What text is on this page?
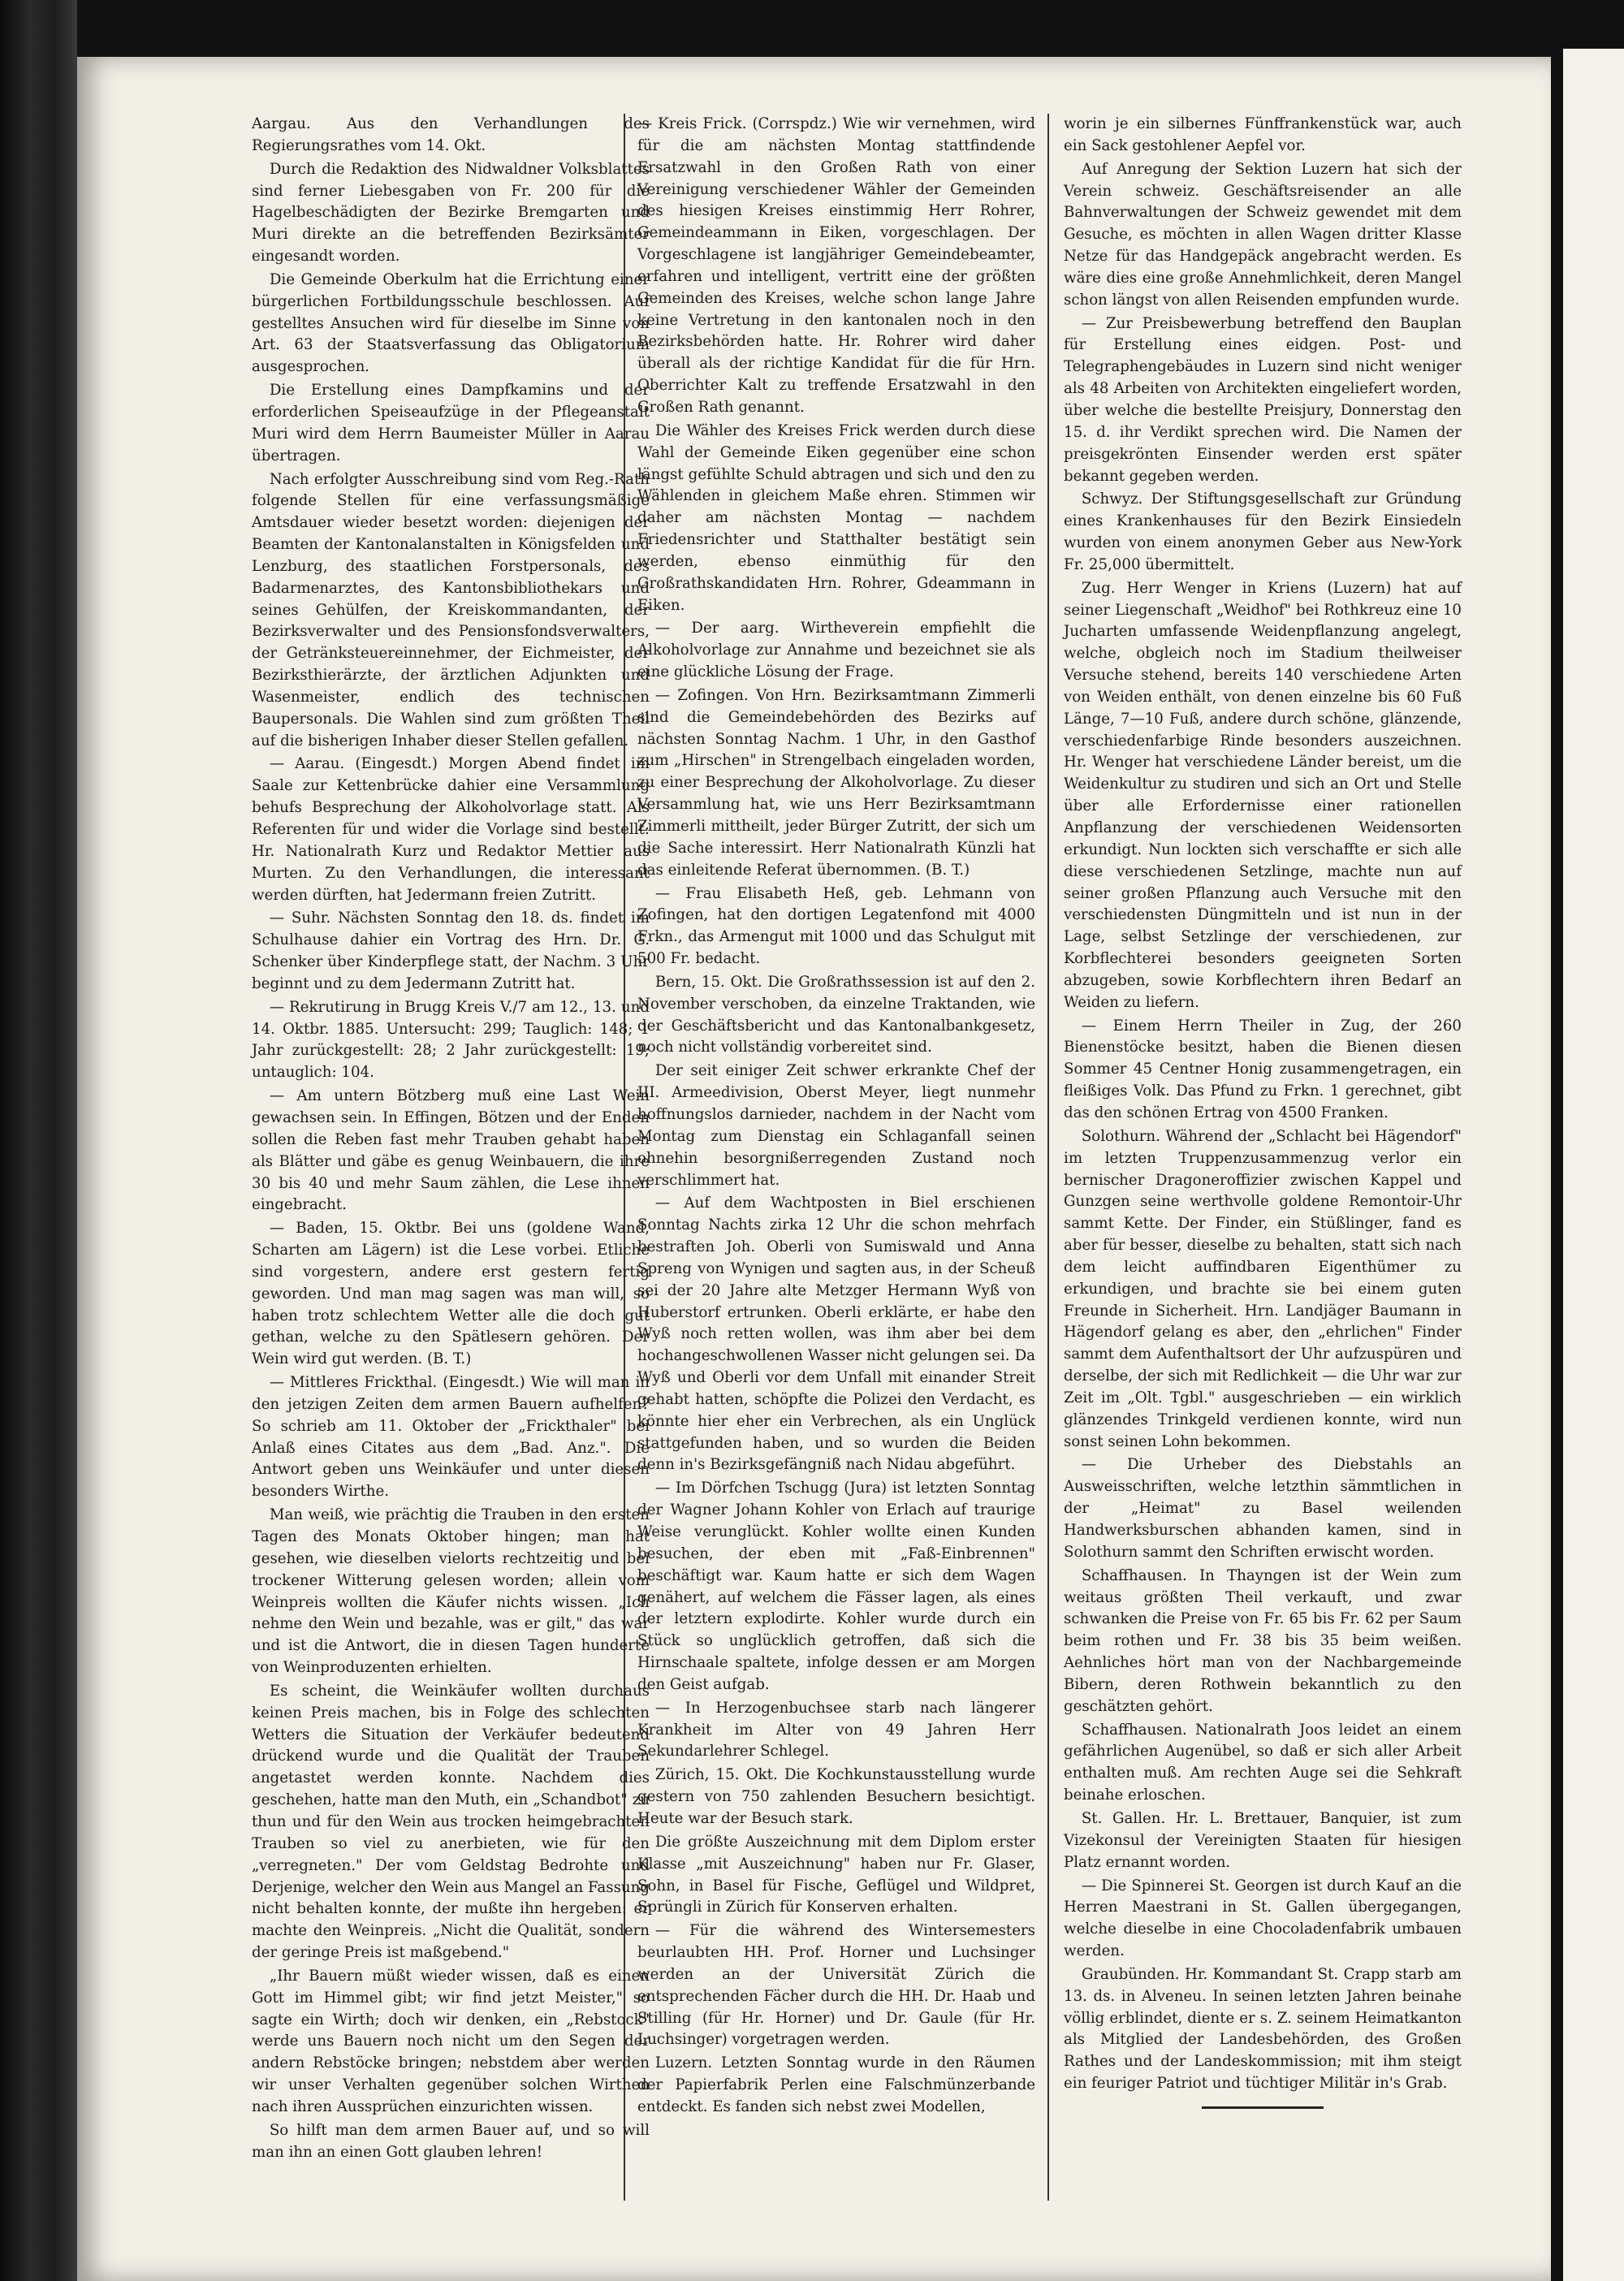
Aargau. Aus den Verhandlungen des Regierungsrathes vom 14. Okt.

Durch die Redaktion des Nidwaldner Volksblattes sind ferner Liebesgaben von Fr. 200 für die Hagelbeschädigten der Bezirke Bremgarten und Muri direkte an die betreffenden Bezirksämter eingesandt worden.

Die Gemeinde Oberkulm hat die Errichtung einer bürgerlichen Fortbildungsschule beschlossen. Auf gestelltes Ansuchen wird für dieselbe im Sinne von Art. 63 der Staatsverfassung das Obligatorium ausgesprochen.

Die Erstellung eines Dampfkamins und der erforderlichen Speiseaufzüge in der Pflegeanstalt Muri wird dem Herrn Baumeister Müller in Aarau übertragen.

Nach erfolgter Ausschreibung sind vom Reg.-Rath folgende Stellen für eine verfassungsmäßige Amtsdauer wieder besetzt worden: diejenigen der Beamten der Kantonalanstalten in Königsfelden und Lenzburg, des staatlichen Forstpersonals, des Badarmenarztes, des Kantonsbibliothekars und seines Gehülfen, der Kreiskommandanten, der Bezirksverwalter und des Pensionsfondsverwalters, der Getränksteuereinnehmer, der Eichmeister, der Bezirksthierärzte, der ärztlichen Adjunkten und Wasenmeister, endlich des technischen Baupersonals. Die Wahlen sind zum größten Theil auf die bisherigen Inhaber dieser Stellen gefallen.

— Aarau. (Eingesdt.) Morgen Abend findet im Saale zur Kettenbrücke dahier eine Versammlung behufs Besprechung der Alkoholvorlage statt. Als Referenten für und wider die Vorlage sind bestellt: Hr. Nationalrath Kurz und Redaktor Mettier aus Murten. Zu den Verhandlungen, die interessant werden dürften, hat Jedermann freien Zutritt.

— Suhr. Nächsten Sonntag den 18. ds. findet im Schulhause dahier ein Vortrag des Hrn. Dr. G. Schenker über Kinderpflege statt, der Nachm. 3 Uhr beginnt und zu dem Jedermann Zutritt hat.

— Rekrutirung in Brugg Kreis V./7 am 12., 13. und 14. Oktbr. 1885. Untersucht: 299; Tauglich: 148; 1 Jahr zurückgestellt: 28; 2 Jahr zurückgestellt: 19; untauglich: 104.

— Am untern Bötzberg muß eine Last Wein gewachsen sein. In Effingen, Bötzen und der Enden sollen die Reben fast mehr Trauben gehabt haben als Blätter und gäbe es genug Weinbauern, die ihre 30 bis 40 und mehr Saum zählen, die Lese ihnen eingebracht.

— Baden, 15. Oktbr. Bei uns (goldene Wand, Scharten am Lägern) ist die Lese vorbei. Etliche sind vorgestern, andere erst gestern fertig geworden. Und man mag sagen was man will, so haben trotz schlechtem Wetter alle die doch gut gethan, welche zu den Spätlesern gehören. Der Wein wird gut werden. (B. T.)

— Mittleres Frickthal. (Eingesdt.) Wie will man in den jetzigen Zeiten dem armen Bauern aufhelfen? So schrieb am 11. Oktober der „Frickthaler" bei Anlaß eines Citates aus dem „Bad. Anz.". Die Antwort geben uns Weinkäufer und unter diesen besonders Wirthe.

Man weiß, wie prächtig die Trauben in den ersten Tagen des Monats Oktober hingen; man hat gesehen, wie dieselben vielorts rechtzeitig und bei trockener Witterung gelesen worden; allein vom Weinpreis wollten die Käufer nichts wissen. „Ich nehme den Wein und bezahle, was er gilt," das war und ist die Antwort, die in diesen Tagen hunderte von Weinproduzenten erhielten.

Es scheint, die Weinkäufer wollten durchaus keinen Preis machen, bis in Folge des schlechten Wetters die Situation der Verkäufer bedeutend drückend wurde und die Qualität der Trauben angetastet werden konnte. Nachdem dies geschehen, hatte man den Muth, ein „Schandbot" zu thun und für den Wein aus trocken heimgebrachten Trauben so viel zu anerbieten, wie für den „verregneten." Der vom Geldstag Bedrohte und Derjenige, welcher den Wein aus Mangel an Fassung nicht behalten konnte, der mußte ihn hergeben: er machte den Weinpreis. „Nicht die Qualität, sondern der geringe Preis ist maßgebend."

„Ihr Bauern müßt wieder wissen, daß es einen Gott im Himmel gibt; wir find jetzt Meister," so sagte ein Wirth; doch wir denken, ein „Rebstock" werde uns Bauern noch nicht um den Segen der andern Rebstöcke bringen; nebstdem aber werden wir unser Verhalten gegenüber solchen Wirthen nach ihren Aussprüchen einzurichten wissen.

So hilft man dem armen Bauer auf, und so will man ihn an einen Gott glauben lehren!

— Kreis Frick. (Corrspdz.) Wie wir vernehmen, wird für die am nächsten Montag stattfindende Ersatzwahl in den Großen Rath von einer Vereinigung verschiedener Wähler der Gemeinden des hiesigen Kreises einstimmig Herr Rohrer, Gemeindeammann in Eiken, vorgeschlagen. Der Vorgeschlagene ist langjähriger Gemeindebeamter, erfahren und intelligent, vertritt eine der größten Gemeinden des Kreises, welche schon lange Jahre keine Vertretung in den kantonalen noch in den Bezirksbehörden hatte. Hr. Rohrer wird daher überall als der richtige Kandidat für die für Hrn. Oberrichter Kalt zu treffende Ersatzwahl in den Großen Rath genannt.

Die Wähler des Kreises Frick werden durch diese Wahl der Gemeinde Eiken gegenüber eine schon längst gefühlte Schuld abtragen und sich und den zu Wählenden in gleichem Maße ehren. Stimmen wir daher am nächsten Montag — nachdem Friedensrichter und Statthalter bestätigt sein werden, ebenso einmüthig für den Großrathskandidaten Hrn. Rohrer, Gdeammann in Eiken.

— Der aarg. Wirtheverein empfiehlt die Alkoholvorlage zur Annahme und bezeichnet sie als eine glückliche Lösung der Frage.

— Zofingen. Von Hrn. Bezirksamtmann Zimmerli sind die Gemeindebehörden des Bezirks auf nächsten Sonntag Nachm. 1 Uhr, in den Gasthof zum „Hirschen" in Strengelbach eingeladen worden, zu einer Besprechung der Alkoholvorlage. Zu dieser Versammlung hat, wie uns Herr Bezirksamtmann Zimmerli mittheilt, jeder Bürger Zutritt, der sich um die Sache interessirt. Herr Nationalrath Künzli hat das einleitende Referat übernommen. (B. T.)

— Frau Elisabeth Heß, geb. Lehmann von Zofingen, hat den dortigen Legatenfond mit 4000 Frkn., das Armengut mit 1000 und das Schulgut mit 500 Fr. bedacht.

Bern, 15. Okt. Die Großrathssession ist auf den 2. November verschoben, da einzelne Traktanden, wie der Geschäftsbericht und das Kantonalbankgesetz, noch nicht vollständig vorbereitet sind.

Der seit einiger Zeit schwer erkrankte Chef der III. Armeedivision, Oberst Meyer, liegt nunmehr hoffnungslos darnieder, nachdem in der Nacht vom Montag zum Dienstag ein Schlaganfall seinen ohnehin besorgnißerregenden Zustand noch verschlimmert hat.

— Auf dem Wachtposten in Biel erschienen Sonntag Nachts zirka 12 Uhr die schon mehrfach bestraften Joh. Oberli von Sumiswald und Anna Spreng von Wynigen und sagten aus, in der Scheuß sei der 20 Jahre alte Metzger Hermann Wyß von Huberstorf ertrunken. Oberli erklärte, er habe den Wyß noch retten wollen, was ihm aber bei dem hochangeschwollenen Wasser nicht gelungen sei. Da Wyß und Oberli vor dem Unfall mit einander Streit gehabt hatten, schöpfte die Polizei den Verdacht, es könnte hier eher ein Verbrechen, als ein Unglück stattgefunden haben, und so wurden die Beiden denn in's Bezirksgefängniß nach Nidau abgeführt.

— Im Dörfchen Tschugg (Jura) ist letzten Sonntag der Wagner Johann Kohler von Erlach auf traurige Weise verunglückt. Kohler wollte einen Kunden besuchen, der eben mit „Faß-Einbrennen" beschäftigt war. Kaum hatte er sich dem Wagen genähert, auf welchem die Fässer lagen, als eines der letztern explodirte. Kohler wurde durch ein Stück so unglücklich getroffen, daß sich die Hirnschaale spaltete, infolge dessen er am Morgen den Geist aufgab.

— In Herzogenbuchsee starb nach längerer Krankheit im Alter von 49 Jahren Herr Sekundarlehrer Schlegel.

Zürich, 15. Okt. Die Kochkunstausstellung wurde gestern von 750 zahlenden Besuchern besichtigt. Heute war der Besuch stark.

Die größte Auszeichnung mit dem Diplom erster Klasse „mit Auszeichnung" haben nur Fr. Glaser, Sohn, in Basel für Fische, Geflügel und Wildpret, Sprüngli in Zürich für Konserven erhalten.

— Für die während des Wintersemesters beurlaubten HH. Prof. Horner und Luchsinger werden an der Universität Zürich die entsprechenden Fächer durch die HH. Dr. Haab und Stilling (für Hr. Horner) und Dr. Gaule (für Hr. Luchsinger) vorgetragen werden.

Luzern. Letzten Sonntag wurde in den Räumen der Papierfabrik Perlen eine Falschmünzerbande entdeckt. Es fanden sich nebst zwei Modellen,

worin je ein silbernes Fünffrankenstück war, auch ein Sack gestohlener Aepfel vor.

Auf Anregung der Sektion Luzern hat sich der Verein schweiz. Geschäftsreisender an alle Bahnverwaltungen der Schweiz gewendet mit dem Gesuche, es möchten in allen Wagen dritter Klasse Netze für das Handgepäck angebracht werden. Es wäre dies eine große Annehmlichkeit, deren Mangel schon längst von allen Reisenden empfunden wurde.

— Zur Preisbewerbung betreffend den Bauplan für Erstellung eines eidgen. Post- und Telegraphengebäudes in Luzern sind nicht weniger als 48 Arbeiten von Architekten eingeliefert worden, über welche die bestellte Preisjury, Donnerstag den 15. d. ihr Verdikt sprechen wird. Die Namen der preisgekrönten Einsender werden erst später bekannt gegeben werden.

Schwyz. Der Stiftungsgesellschaft zur Gründung eines Krankenhauses für den Bezirk Einsiedeln wurden von einem anonymen Geber aus New-York Fr. 25,000 übermittelt.

Zug. Herr Wenger in Kriens (Luzern) hat auf seiner Liegenschaft „Weidhof" bei Rothkreuz eine 10 Jucharten umfassende Weidenpflanzung angelegt, welche, obgleich noch im Stadium theilweiser Versuche stehend, bereits 140 verschiedene Arten von Weiden enthält, von denen einzelne bis 60 Fuß Länge, 7—10 Fuß, andere durch schöne, glänzende, verschiedenfarbige Rinde besonders auszeichnen. Hr. Wenger hat verschiedene Länder bereist, um die Weidenkultur zu studiren und sich an Ort und Stelle über alle Erfordernisse einer rationellen Anpflanzung der verschiedenen Weidensorten erkundigt. Nun lockten sich verschaffte er sich alle diese verschiedenen Setzlinge, machte nun auf seiner großen Pflanzung auch Versuche mit den verschiedensten Düngmitteln und ist nun in der Lage, selbst Setzlinge der verschiedenen, zur Korbflechterei besonders geeigneten Sorten abzugeben, sowie Korbflechtern ihren Bedarf an Weiden zu liefern.

— Einem Herrn Theiler in Zug, der 260 Bienenstöcke besitzt, haben die Bienen diesen Sommer 45 Centner Honig zusammengetragen, ein fleißiges Volk. Das Pfund zu Frkn. 1 gerechnet, gibt das den schönen Ertrag von 4500 Franken.

Solothurn. Während der „Schlacht bei Hägendorf" im letzten Truppenzusammenzug verlor ein bernischer Dragoneroffizier zwischen Kappel und Gunzgen seine werthvolle goldene Remontoir-Uhr sammt Kette. Der Finder, ein Stüßlinger, fand es aber für besser, dieselbe zu behalten, statt sich nach dem leicht auffindbaren Eigenthümer zu erkundigen, und brachte sie bei einem guten Freunde in Sicherheit. Hrn. Landjäger Baumann in Hägendorf gelang es aber, den „ehrlichen" Finder sammt dem Aufenthaltsort der Uhr aufzuspüren und derselbe, der sich mit Redlichkeit — die Uhr war zur Zeit im „Olt. Tgbl." ausgeschrieben — ein wirklich glänzendes Trinkgeld verdienen konnte, wird nun sonst seinen Lohn bekommen.

— Die Urheber des Diebstahls an Ausweisschriften, welche letzthin sämmtlichen in der „Heimat" zu Basel weilenden Handwerksburschen abhanden kamen, sind in Solothurn sammt den Schriften erwischt worden.

Schaffhausen. In Thayngen ist der Wein zum weitaus größten Theil verkauft, und zwar schwanken die Preise von Fr. 65 bis Fr. 62 per Saum beim rothen und Fr. 38 bis 35 beim weißen. Aehnliches hört man von der Nachbargemeinde Bibern, deren Rothwein bekanntlich zu den geschätzten gehört.

Schaffhausen. Nationalrath Joos leidet an einem gefährlichen Augenübel, so daß er sich aller Arbeit enthalten muß. Am rechten Auge sei die Sehkraft beinahe erloschen.

St. Gallen. Hr. L. Brettauer, Banquier, ist zum Vizekonsul der Vereinigten Staaten für hiesigen Platz ernannt worden.

— Die Spinnerei St. Georgen ist durch Kauf an die Herren Maestrani in St. Gallen übergegangen, welche dieselbe in eine Chocoladenfabrik umbauen werden.

Graubünden. Hr. Kommandant St. Crapp starb am 13. ds. in Alveneu. In seinen letzten Jahren beinahe völlig erblindet, diente er s. Z. seinem Heimatkanton als Mitglied der Landesbehörden, des Großen Rathes und der Landeskommission; mit ihm steigt ein feuriger Patriot und tüchtiger Militär in's Grab.
